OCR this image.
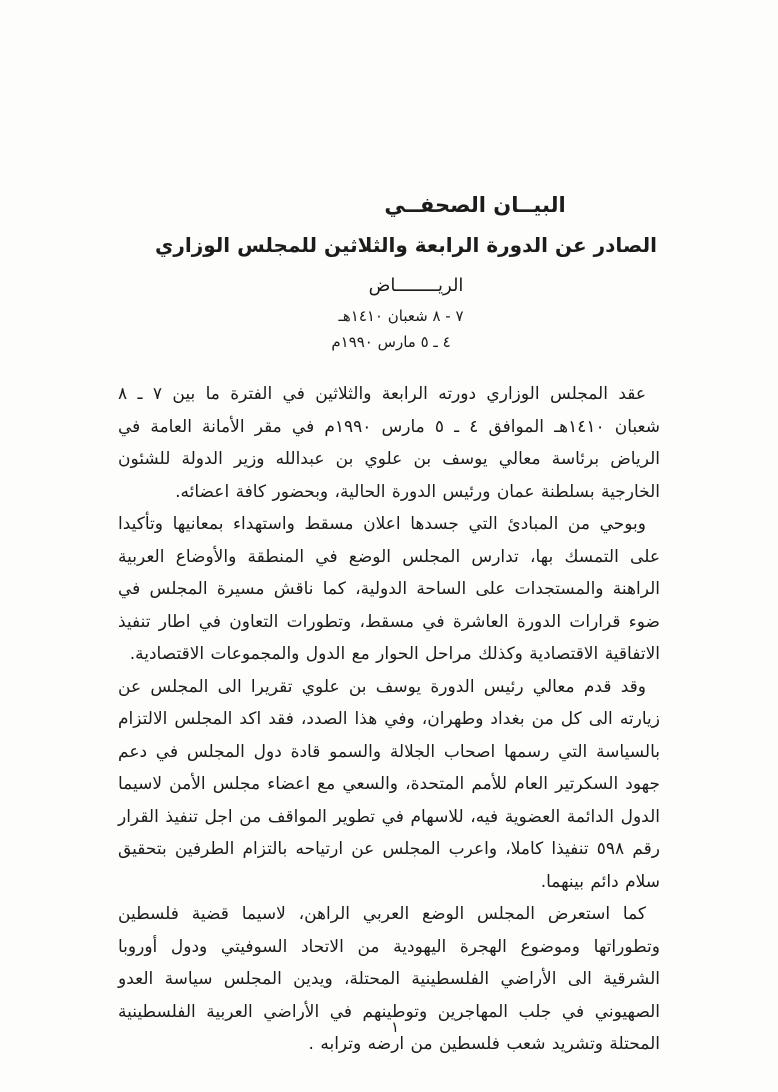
البيــان الصحفــي
الصادر عن الدورة الرابعة والثلاثين للمجلس الوزاري
الريــــــــاض
٧ - ٨ شعبان ١٤١٠هـ
٤ ـ ٥ مارس ١٩٩٠م

عقد المجلس الوزاري دورته الرابعة والثلاثين في الفترة ما بين ٧ ـ ٨ شعبان ١٤١٠هـ الموافق ٤ ـ ٥ مارس ١٩٩٠م في مقر الأمانة العامة في الرياض برئاسة معالي يوسف بن علوي بن عبدالله وزير الدولة للشئون الخارجية بسلطنة عمان ورئيس الدورة الحالية، وبحضور كافة اعضائه.

وبوحي من المبادئ التي جسدها اعلان مسقط واستهداء بمعانيها وتأكيدا على التمسك بها، تدارس المجلس الوضع في المنطقة والأوضاع العربية الراهنة والمستجدات على الساحة الدولية، كما ناقش مسيرة المجلس في ضوء قرارات الدورة العاشرة في مسقط، وتطورات التعاون في اطار تنفيذ الاتفاقية الاقتصادية وكذلك مراحل الحوار مع الدول والمجموعات الاقتصادية.

وقد قدم معالي رئيس الدورة يوسف بن علوي تقريرا الى المجلس عن زيارته الى كل من بغداد وطهران، وفي هذا الصدد، فقد اكد المجلس الالتزام بالسياسة التي رسمها اصحاب الجلالة والسمو قادة دول المجلس في دعم جهود السكرتير العام للأمم المتحدة، والسعي مع اعضاء مجلس الأمن لاسيما الدول الدائمة العضوية فيه، للاسهام في تطوير المواقف من اجل تنفيذ القرار رقم ٥٩٨ تنفيذا كاملا، واعرب المجلس عن ارتياحه بالتزام الطرفين بتحقيق سلام دائم بينهما.

كما استعرض المجلس الوضع العربي الراهن، لاسيما قضية فلسطين وتطوراتها وموضوع الهجرة اليهودية من الاتحاد السوفيتي ودول أوروبا الشرقية الى الأراضي الفلسطينية المحتلة، ويدين المجلس سياسة العدو الصهيوني في جلب المهاجرين وتوطينهم في الأراضي العربية الفلسطينية المحتلة وتشريد شعب فلسطين من ارضه وترابه .

١
